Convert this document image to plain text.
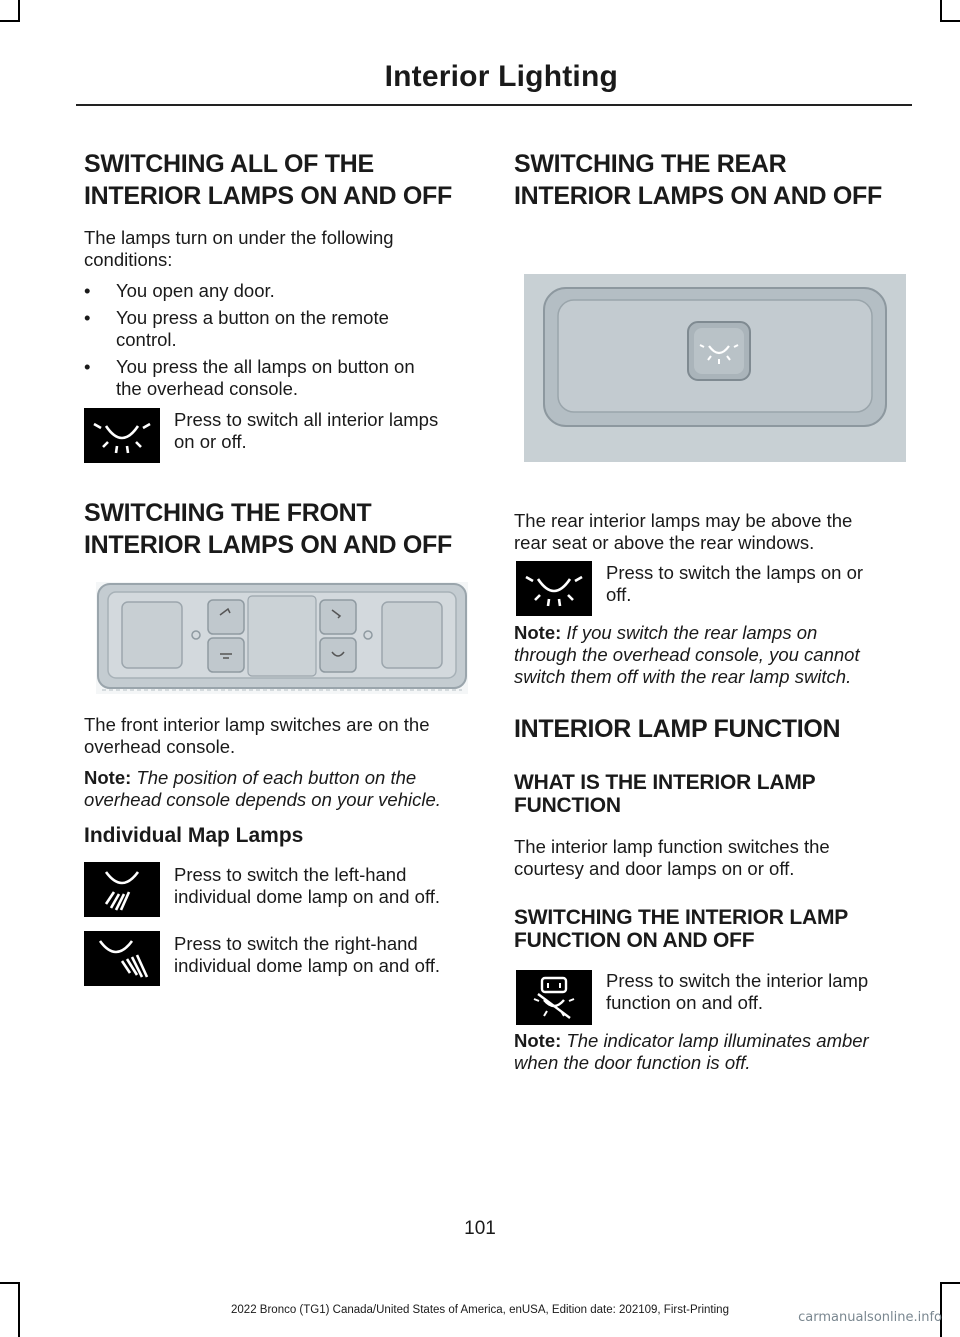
Interior Lighting
SWITCHING ALL OF THE
INTERIOR LAMPS ON AND OFF
The lamps turn on under the following
conditions:
• You open any door.
• You press a button on the remote
control.
• You press the all lamps on button on
the overhead console.
Press to switch all interior lamps
on or off.
SWITCHING THE FRONT
INTERIOR LAMPS ON AND OFF
The front interior lamp switches are on the
overhead console.
Note: The position of each button on the
overhead console depends on your vehicle.
Individual Map Lamps
Press to switch the left-hand
individual dome lamp on and off.
Press to switch the right-hand
individual dome lamp on and off.
SWITCHING THE REAR
INTERIOR LAMPS ON AND OFF
The rear interior lamps may be above the
rear seat or above the rear windows.
Press to switch the lamps on or
off.
Note: If you switch the rear lamps on
through the overhead console, you cannot
switch them off with the rear lamp switch.
INTERIOR LAMP FUNCTION
WHAT IS THE INTERIOR LAMP
FUNCTION
The interior lamp function switches the
courtesy and door lamps on or off.
SWITCHING THE INTERIOR LAMP
FUNCTION ON AND OFF
Press to switch the interior lamp
function on and off.
Note: The indicator lamp illuminates amber
when the door function is off.
101
2022 Bronco (TG1) Canada/United States of America, enUSA, Edition date: 202109, First-Printing	carmanualsonline.info
